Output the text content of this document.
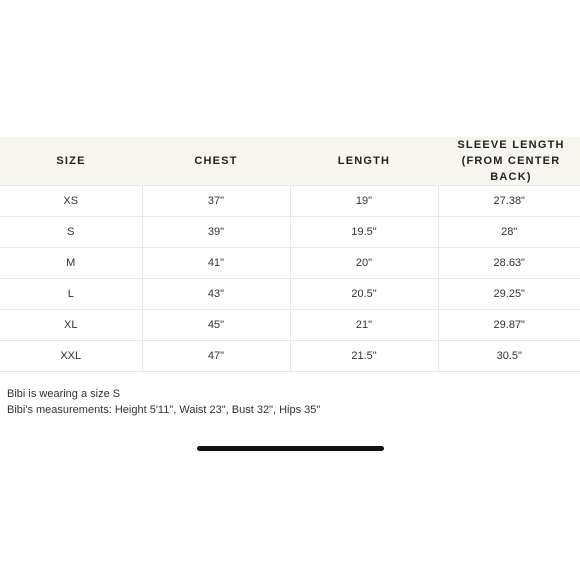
SIZE	CHEST	LENGTH	SLEEVE LENGTH (FROM CENTER BACK)
XS	37"	19"	27.38"
S	39"	19.5"	28"
M	41"	20"	28.63"
L	43"	20.5"	29.25"
XL	45"	21"	29.87"
XXL	47"	21.5"	30.5"
Bibi is wearing a size S
Bibi's measurements: Height 5'11", Waist 23", Bust 32", Hips 35"
